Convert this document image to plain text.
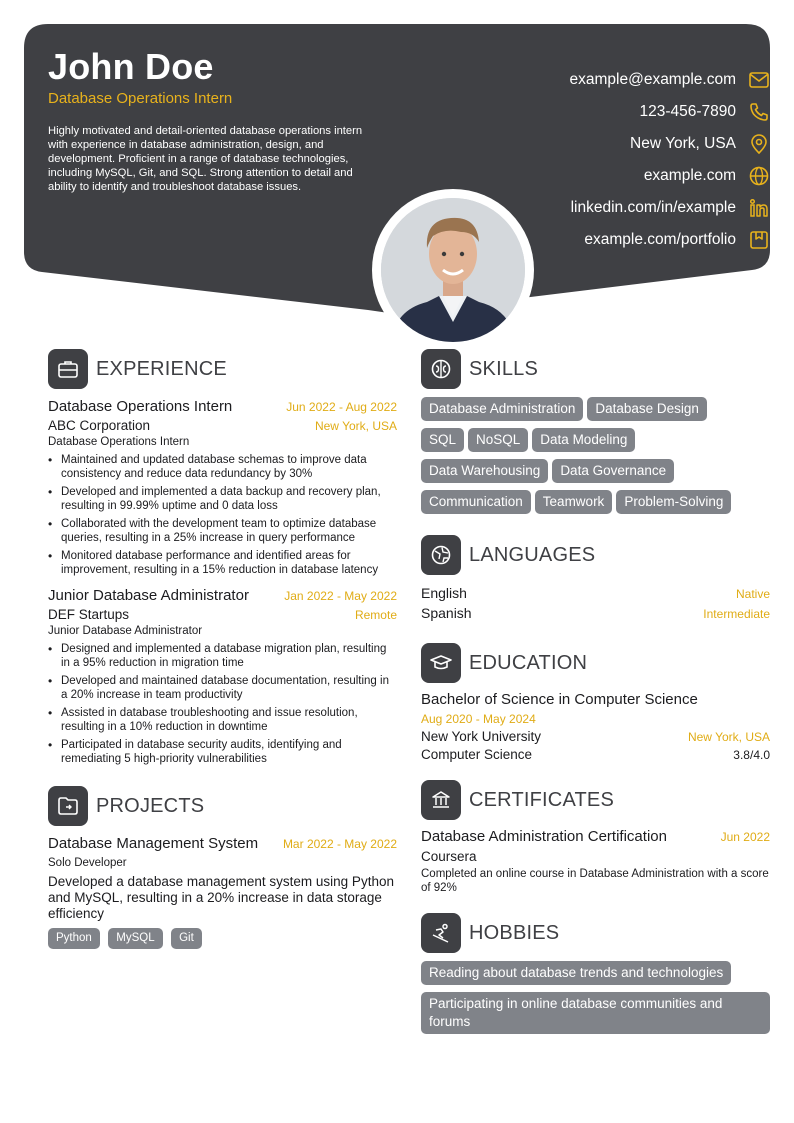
John Doe
Database Operations Intern
Highly motivated and detail-oriented database operations intern with experience in database administration, design, and development. Proficient in a range of database technologies, including MySQL, Git, and SQL. Strong attention to detail and ability to identify and troubleshoot database issues.
example@example.com
123-456-7890
New York, USA
example.com
linkedin.com/in/example
example.com/portfolio
EXPERIENCE
Database Operations Intern	Jun 2022 - Aug 2022
ABC Corporation	New York, USA
Database Operations Intern
• Maintained and updated database schemas to improve data consistency and reduce data redundancy by 30%
• Developed and implemented a data backup and recovery plan, resulting in 99.99% uptime and 0 data loss
• Collaborated with the development team to optimize database queries, resulting in a 25% increase in query performance
• Monitored database performance and identified areas for improvement, resulting in a 15% reduction in database latency
Junior Database Administrator	Jan 2022 - May 2022
DEF Startups	Remote
Junior Database Administrator
• Designed and implemented a database migration plan, resulting in a 95% reduction in migration time
• Developed and maintained database documentation, resulting in a 20% increase in team productivity
• Assisted in database troubleshooting and issue resolution, resulting in a 10% reduction in downtime
• Participated in database security audits, identifying and remediating 5 high-priority vulnerabilities
PROJECTS
Database Management System Mar 2022 - May 2022
Solo Developer
Developed a database management system using Python and MySQL, resulting in a 20% increase in data storage efficiency
Python MySQL Git
SKILLS
Database Administration Database Design
SQL NoSQL Data Modeling
Data Warehousing Data Governance
Communication Teamwork Problem-Solving
LANGUAGES
English	Native
Spanish	Intermediate
EDUCATION
Bachelor of Science in Computer Science
Aug 2020 - May 2024
New York University	New York, USA
Computer Science	3.8/4.0
CERTIFICATES
Database Administration Certification	Jun 2022
Coursera
Completed an online course in Database Administration with a score of 92%
HOBBIES
Reading about database trends and technologies

Participating in online database communities and forums
